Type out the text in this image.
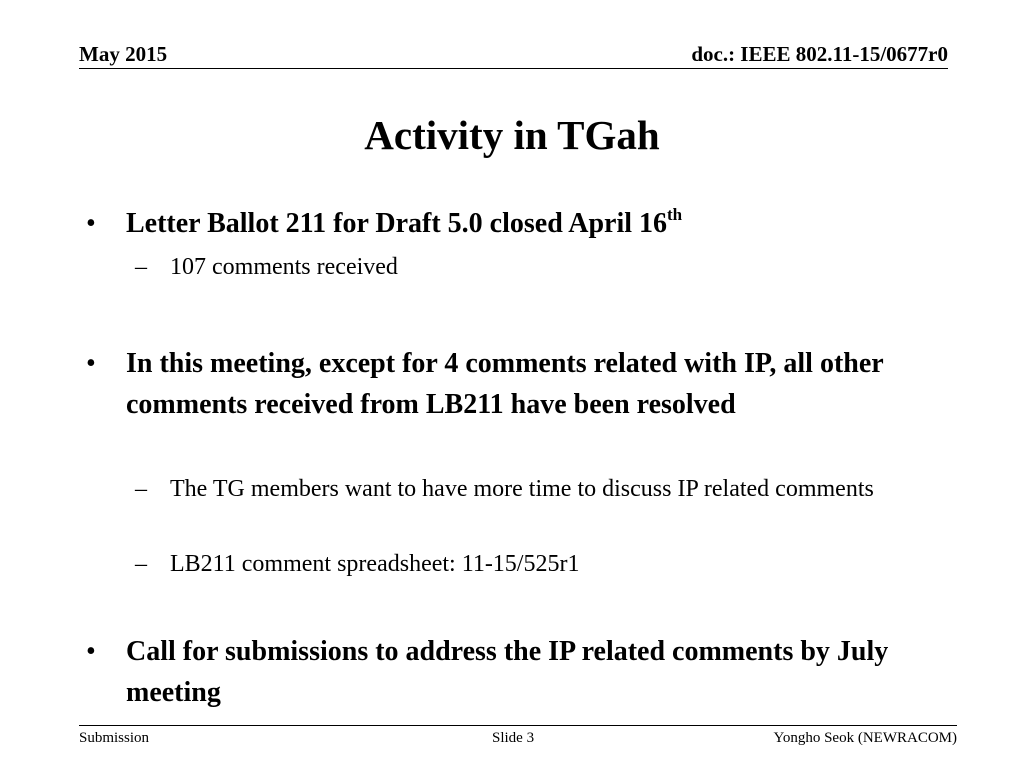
May 2015	doc.: IEEE 802.11-15/0677r0
Activity in TGah
• Letter Ballot 211 for Draft 5.0 closed April 16th
– 107 comments received
• In this meeting, except for 4 comments related with IP, all other comments received from LB211 have been resolved
– The TG members want to have more time to discuss IP related comments
– LB211 comment spreadsheet: 11-15/525r1
• Call for submissions to address the IP related comments by July meeting
Submission	Slide 3	Yongho Seok (NEWRACOM)
